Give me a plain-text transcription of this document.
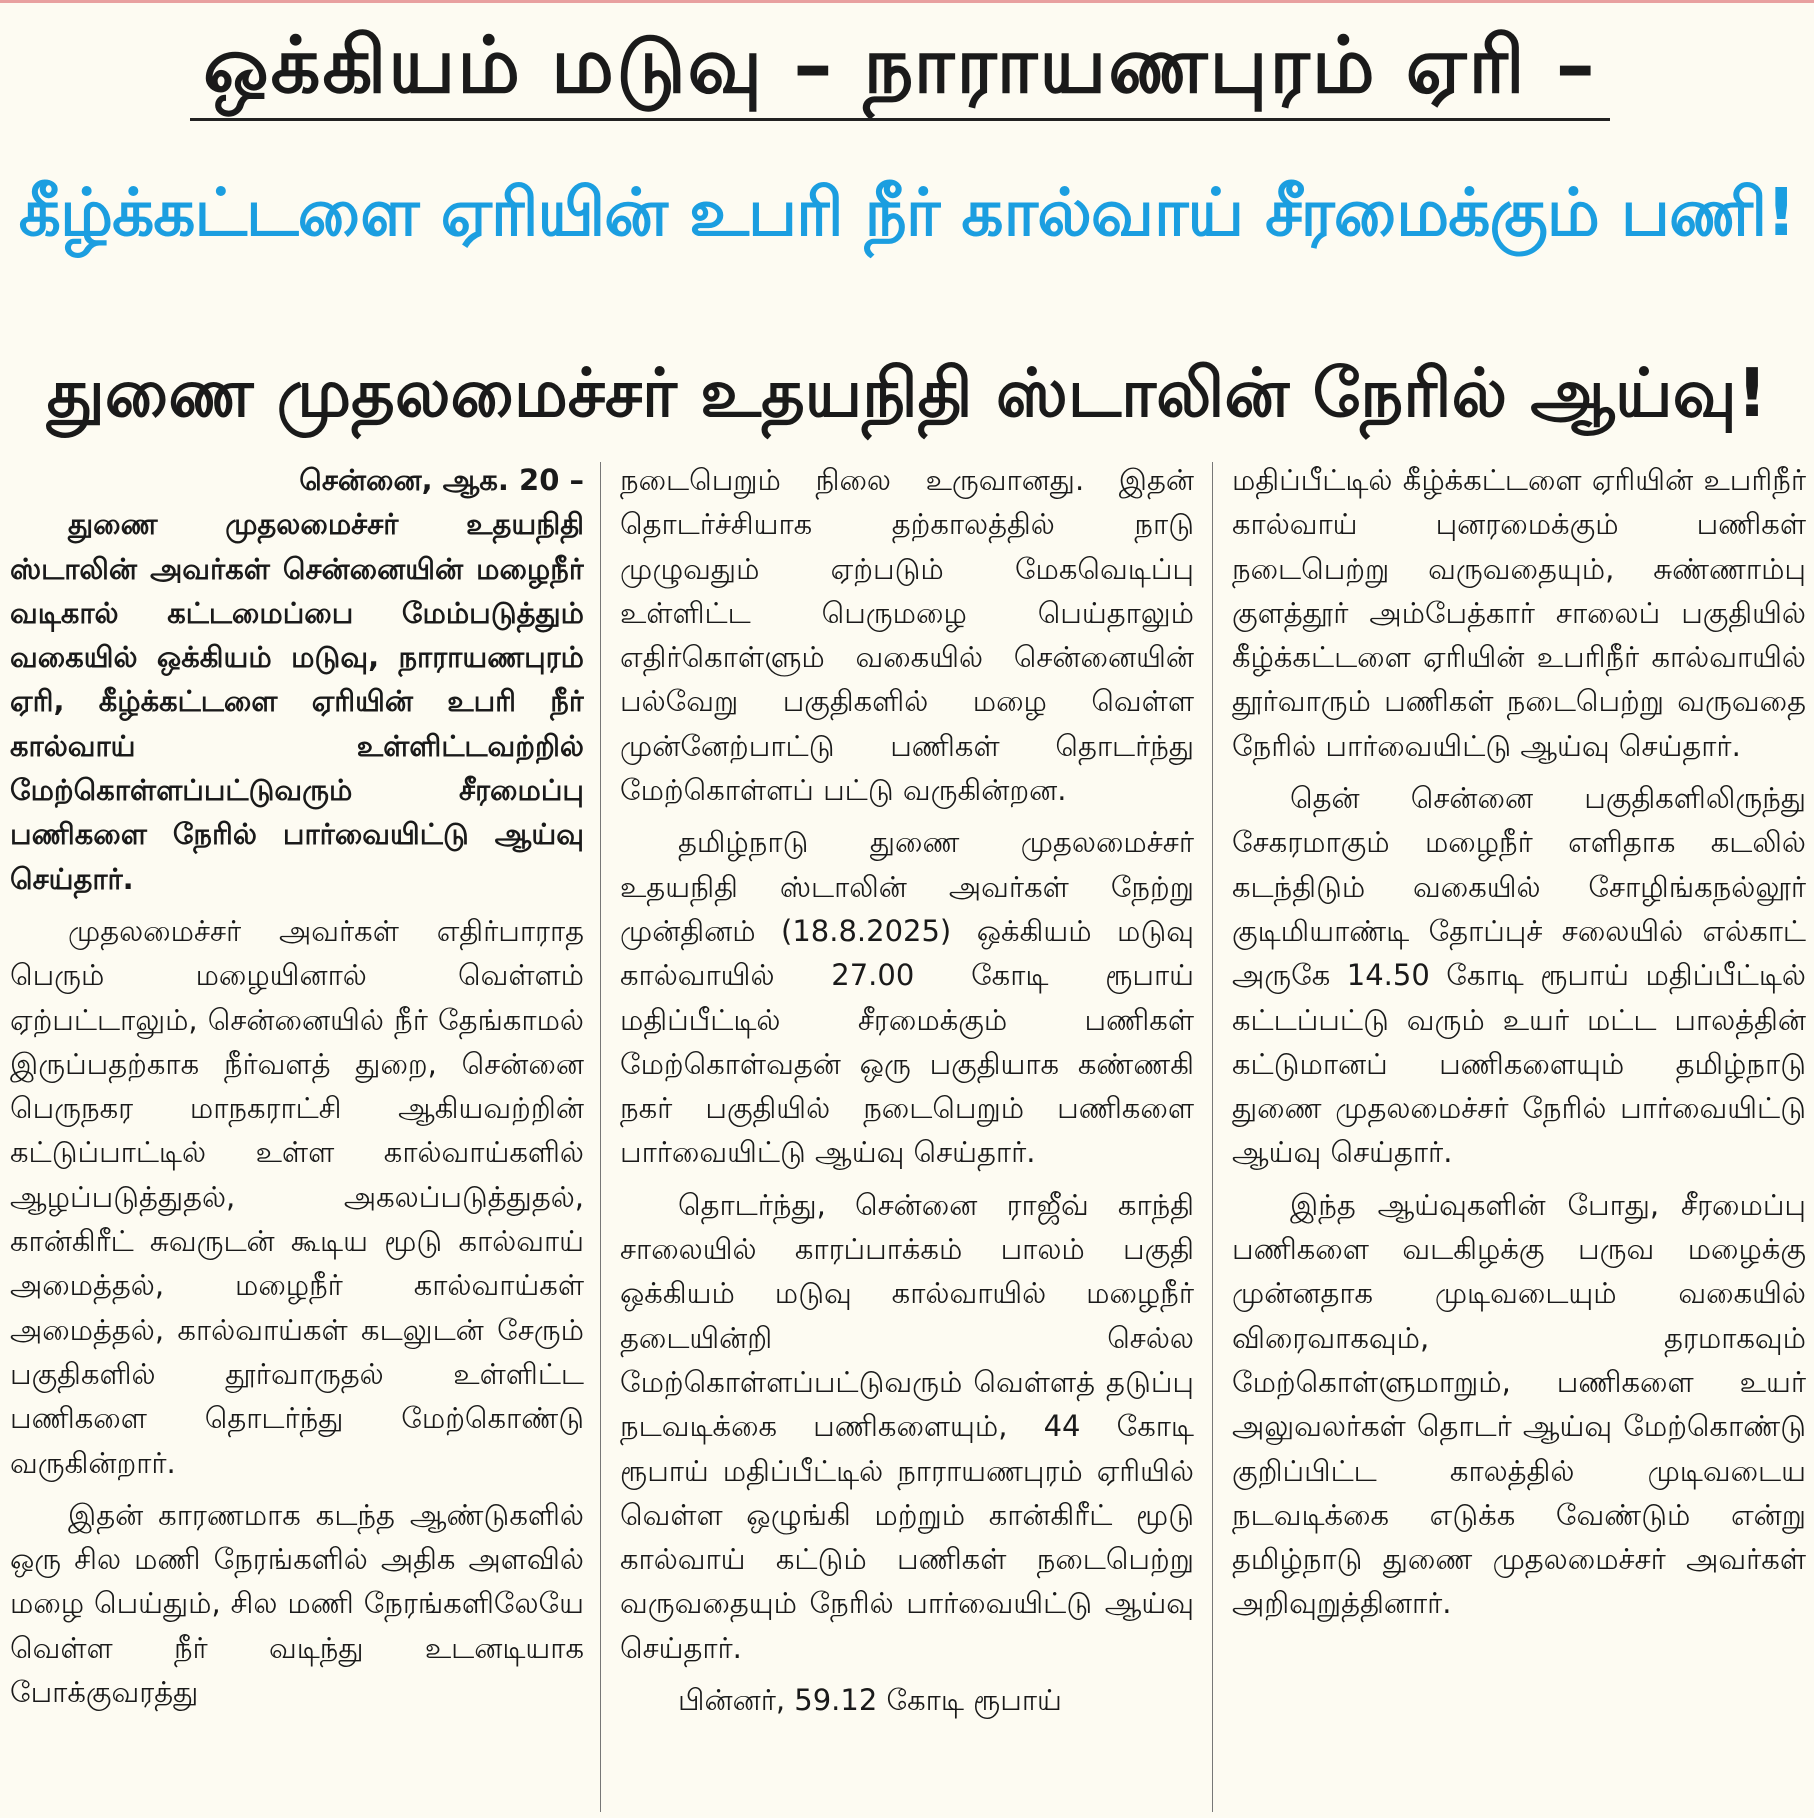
ஒக்கியம் மடுவு – நாராயணபுரம் ஏரி –
கீழ்க்கட்டளை ஏரியின் உபரி நீர் கால்வாய் சீரமைக்கும் பணி!
துணை முதலமைச்சர் உதயநிதி ஸ்டாலின் நேரில் ஆய்வு!

சென்னை, ஆக. 20 –

துணை முதலமைச்சர் உதயநிதி ஸ்டாலின் அவர்கள் சென்னையின் மழைநீர் வடிகால் கட்டமைப்பை மேம்படுத்தும் வகையில் ஒக்கியம் மடுவு, நாராயணபுரம் ஏரி, கீழ்க்கட்டளை ஏரியின் உபரி நீர் கால்வாய் உள்ளிட்டவற்றில் மேற்கொள்ளப்பட்டுவரும் சீரமைப்பு பணிகளை நேரில் பார்வையிட்டு ஆய்வு செய்தார்.

முதலமைச்சர் அவர்கள் எதிர்பாராத பெரும் மழையினால் வெள்ளம் ஏற்பட்டாலும், சென்னையில் நீர் தேங்காமல் இருப்பதற்காக நீர்வளத் துறை, சென்னை பெருநகர மாநகராட்சி ஆகியவற்றின் கட்டுப்பாட்டில் உள்ள கால்வாய்களில் ஆழப்படுத்துதல், அகலப்படுத்துதல், கான்கிரீட் சுவருடன் கூடிய மூடு கால்வாய் அமைத்தல், மழைநீர் கால்வாய்கள் அமைத்தல், கால்வாய்கள் கடலுடன் சேரும் பகுதிகளில் தூர்வாருதல் உள்ளிட்ட பணிகளை தொடர்ந்து மேற்கொண்டு வருகின்றார்.

இதன் காரணமாக கடந்த ஆண்டுகளில் ஒரு சில மணி நேரங்களில் அதிக அளவில் மழை பெய்தும், சில மணி நேரங்களிலேயே வெள்ள நீர் வடிந்து உடனடியாக போக்குவரத்து

நடைபெறும் நிலை உருவானது. இதன் தொடர்ச்சியாக தற்காலத்தில் நாடு முழுவதும் ஏற்படும் மேகவெடிப்பு உள்ளிட்ட பெருமழை பெய்தாலும் எதிர்கொள்ளும் வகையில் சென்னையின் பல்வேறு பகுதிகளில் மழை வெள்ள முன்னேற்பாட்டு பணிகள் தொடர்ந்து மேற்கொள்ளப் பட்டு வருகின்றன.

தமிழ்நாடு துணை முதலமைச்சர் உதயநிதி ஸ்டாலின் அவர்கள் நேற்று முன்தினம் (18.8.2025) ஒக்கியம் மடுவு கால்வாயில் 27.00 கோடி ரூபாய் மதிப்பீட்டில் சீரமைக்கும் பணிகள் மேற்கொள்வதன் ஒரு பகுதியாக கண்ணகி நகர் பகுதியில் நடைபெறும் பணிகளை பார்வையிட்டு ஆய்வு செய்தார்.

தொடர்ந்து, சென்னை ராஜீவ் காந்தி சாலையில் காரப்பாக்கம் பாலம் பகுதி ஒக்கியம் மடுவு கால்வாயில் மழைநீர் தடையின்றி செல்ல மேற்கொள்ளப்பட்டுவரும் வெள்ளத் தடுப்பு நடவடிக்கை பணிகளையும், 44 கோடி ரூபாய் மதிப்பீட்டில் நாராயணபுரம் ஏரியில் வெள்ள ஒழுங்கி மற்றும் கான்கிரீட் மூடு கால்வாய் கட்டும் பணிகள் நடைபெற்று வருவதையும் நேரில் பார்வையிட்டு ஆய்வு செய்தார்.

பின்னர், 59.12 கோடி ரூபாய்

மதிப்பீட்டில் கீழ்க்கட்டளை ஏரியின் உபரிநீர் கால்வாய் புனரமைக்கும் பணிகள் நடைபெற்று வருவதையும், சுண்ணாம்பு குளத்தூர் அம்பேத்கார் சாலைப் பகுதியில் கீழ்க்கட்டளை ஏரியின் உபரிநீர் கால்வாயில் தூர்வாரும் பணிகள் நடைபெற்று வருவதை நேரில் பார்வையிட்டு ஆய்வு செய்தார்.

தென் சென்னை பகுதிகளிலிருந்து சேகரமாகும் மழைநீர் எளிதாக கடலில் கடந்திடும் வகையில் சோழிங்கநல்லூர் குடிமியாண்டி தோப்புச் சலையில் எல்காட் அருகே 14.50 கோடி ரூபாய் மதிப்பீட்டில் கட்டப்பட்டு வரும் உயர் மட்ட பாலத்தின் கட்டுமானப் பணிகளையும் தமிழ்நாடு துணை முதலமைச்சர் நேரில் பார்வையிட்டு ஆய்வு செய்தார்.

இந்த ஆய்வுகளின் போது, சீரமைப்பு பணிகளை வடகிழக்கு பருவ மழைக்கு முன்னதாக முடிவடையும் வகையில் விரைவாகவும், தரமாகவும் மேற்கொள்ளுமாறும், பணிகளை உயர் அலுவலர்கள் தொடர் ஆய்வு மேற்கொண்டு குறிப்பிட்ட காலத்தில் முடிவடைய நடவடிக்கை எடுக்க வேண்டும் என்று தமிழ்நாடு துணை முதலமைச்சர் அவர்கள் அறிவுறுத்தினார்.
